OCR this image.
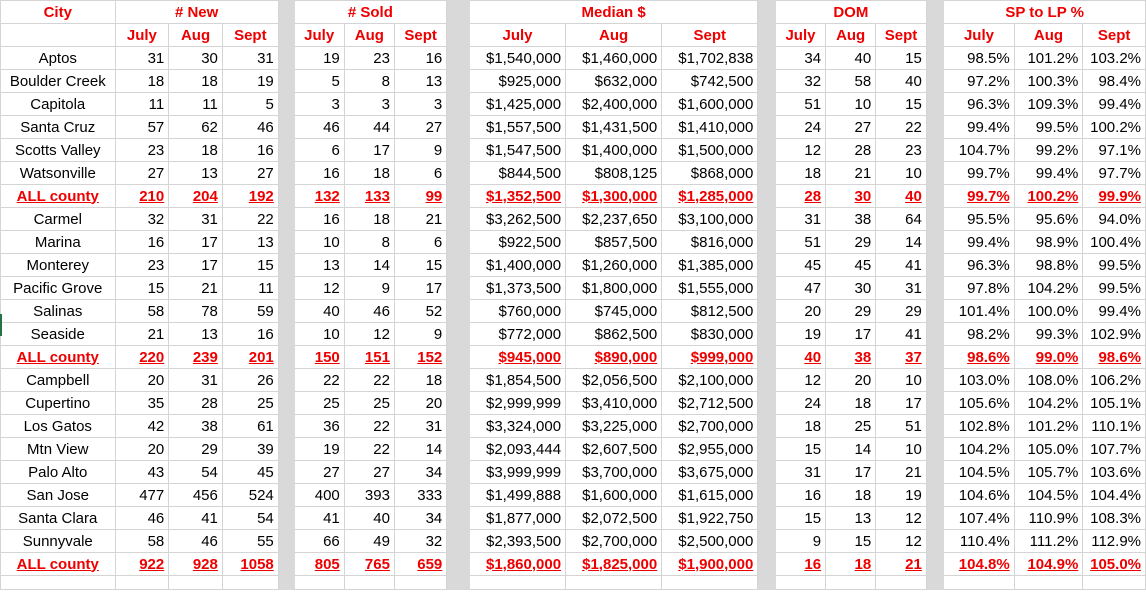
City	# New				# Sold				Median $				DOM				SP to LP %		
	July	Aug	Sept		July	Aug	Sept		July	Aug	Sept		July	Aug	Sept		July	Aug	Sept
Aptos	31	30	31		19	23	16		$1,540,000	$1,460,000	$1,702,838		34	40	15		98.5%	101.2%	103.2%
Boulder Creek	18	18	19		5	8	13		$925,000	$632,000	$742,500		32	58	40		97.2%	100.3%	98.4%
Capitola	11	11	5		3	3	3		$1,425,000	$2,400,000	$1,600,000		51	10	15		96.3%	109.3%	99.4%
Santa Cruz	57	62	46		46	44	27		$1,557,500	$1,431,500	$1,410,000		24	27	22		99.4%	99.5%	100.2%
Scotts Valley	23	18	16		6	17	9		$1,547,500	$1,400,000	$1,500,000		12	28	23		104.7%	99.2%	97.1%
Watsonville	27	13	27		16	18	6		$844,500	$808,125	$868,000		18	21	10		99.7%	99.4%	97.7%
ALL county	210	204	192		132	133	99		$1,352,500	$1,300,000	$1,285,000		28	30	40		99.7%	100.2%	99.9%
Carmel	32	31	22		16	18	21		$3,262,500	$2,237,650	$3,100,000		31	38	64		95.5%	95.6%	94.0%
Marina	16	17	13		10	8	6		$922,500	$857,500	$816,000		51	29	14		99.4%	98.9%	100.4%
Monterey	23	17	15		13	14	15		$1,400,000	$1,260,000	$1,385,000		45	45	41		96.3%	98.8%	99.5%
Pacific Grove	15	21	11		12	9	17		$1,373,500	$1,800,000	$1,555,000		47	30	31		97.8%	104.2%	99.5%
Salinas	58	78	59		40	46	52		$760,000	$745,000	$812,500		20	29	29		101.4%	100.0%	99.4%
Seaside	21	13	16		10	12	9		$772,000	$862,500	$830,000		19	17	41		98.2%	99.3%	102.9%
ALL county	220	239	201		150	151	152		$945,000	$890,000	$999,000		40	38	37		98.6%	99.0%	98.6%
Campbell	20	31	26		22	22	18		$1,854,500	$2,056,500	$2,100,000		12	20	10		103.0%	108.0%	106.2%
Cupertino	35	28	25		25	25	20		$2,999,999	$3,410,000	$2,712,500		24	18	17		105.6%	104.2%	105.1%
Los Gatos	42	38	61		36	22	31		$3,324,000	$3,225,000	$2,700,000		18	25	51		102.8%	101.2%	110.1%
Mtn View	20	29	39		19	22	14		$2,093,444	$2,607,500	$2,955,000		15	14	10		104.2%	105.0%	107.7%
Palo Alto	43	54	45		27	27	34		$3,999,999	$3,700,000	$3,675,000		31	17	21		104.5%	105.7%	103.6%
San Jose	477	456	524		400	393	333		$1,499,888	$1,600,000	$1,615,000		16	18	19		104.6%	104.5%	104.4%
Santa Clara	46	41	54		41	40	34		$1,877,000	$2,072,500	$1,922,750		15	13	12		107.4%	110.9%	108.3%
Sunnyvale	58	46	55		66	49	32		$2,393,500	$2,700,000	$2,500,000		9	15	12		110.4%	111.2%	112.9%
ALL county	922	928	1058		805	765	659		$1,860,000	$1,825,000	$1,900,000		16	18	21		104.8%	104.9%	105.0%
